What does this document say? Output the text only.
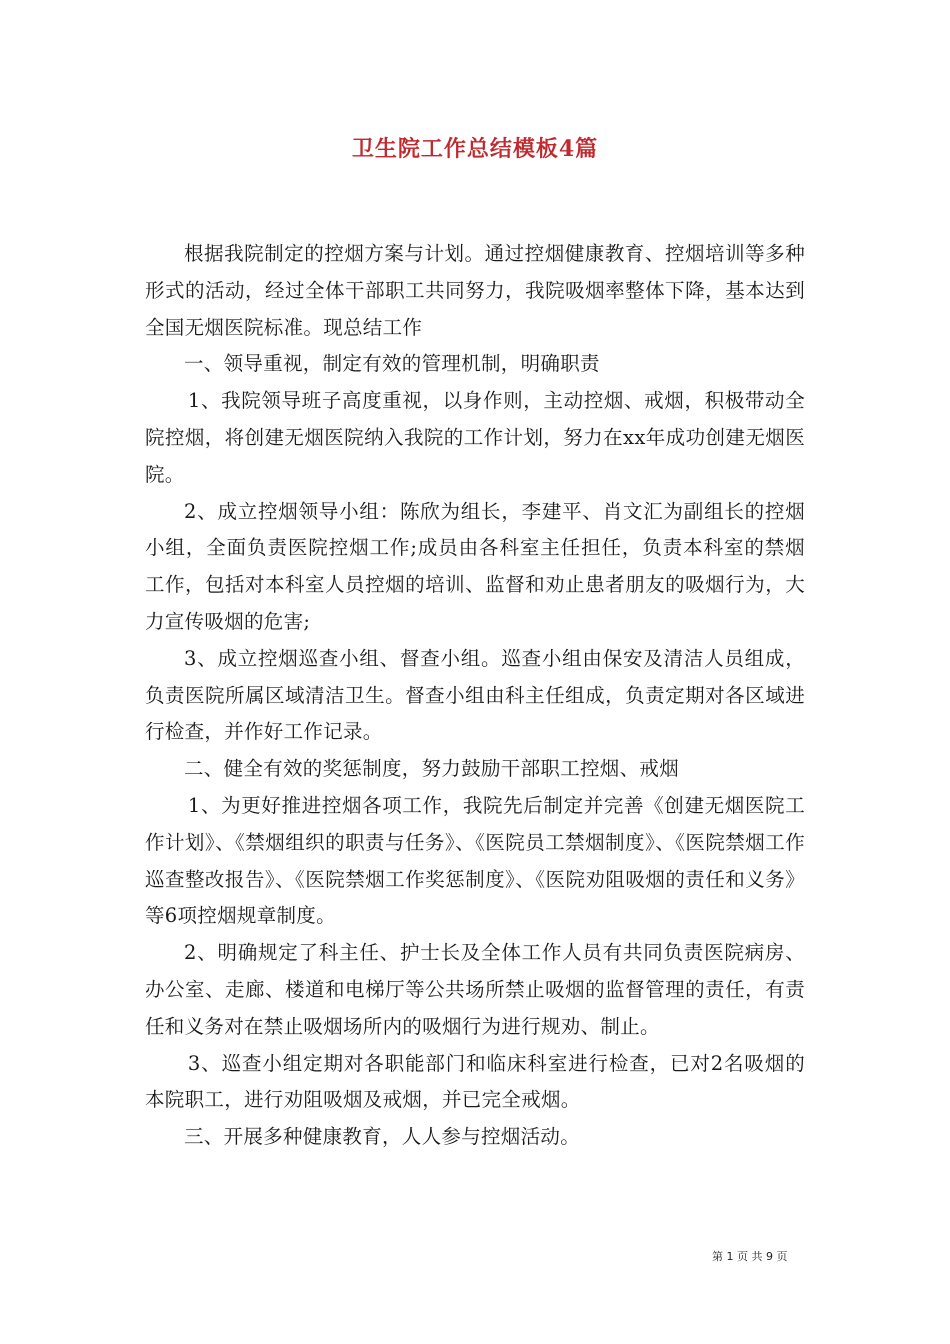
卫生院工作总结模板4篇

根据我院制定的控烟方案与计划。通过控烟健康教育、控烟培训等多种形式的活动，经过全体干部职工共同努力，我院吸烟率整体下降，基本达到全国无烟医院标准。现总结工作

一、领导重视，制定有效的管理机制，明确职责

1、我院领导班子高度重视，以身作则，主动控烟、戒烟，积极带动全院控烟，将创建无烟医院纳入我院的工作计划，努力在xx年成功创建无烟医院。

2、成立控烟领导小组：陈欣为组长，李建平、肖文汇为副组长的控烟小组，全面负责医院控烟工作;成员由各科室主任担任，负责本科室的禁烟工作，包括对本科室人员控烟的培训、监督和劝止患者朋友的吸烟行为，大力宣传吸烟的危害;

3、成立控烟巡查小组、督查小组。巡查小组由保安及清洁人员组成，负责医院所属区域清洁卫生。督查小组由科主任组成，负责定期对各区域进行检查，并作好工作记录。

二、健全有效的奖惩制度，努力鼓励干部职工控烟、戒烟

1、为更好推进控烟各项工作，我院先后制定并完善《创建无烟医院工作计划》、《禁烟组织的职责与任务》、《医院员工禁烟制度》、《医院禁烟工作巡查整改报告》、《医院禁烟工作奖惩制度》、《医院劝阻吸烟的责任和义务》等6项控烟规章制度。

2、明确规定了科主任、护士长及全体工作人员有共同负责医院病房、办公室、走廊、楼道和电梯厅等公共场所禁止吸烟的监督管理的责任，有责任和义务对在禁止吸烟场所内的吸烟行为进行规劝、制止。

3、巡查小组定期对各职能部门和临床科室进行检查，已对2名吸烟的本院职工，进行劝阻吸烟及戒烟，并已完全戒烟。

三、开展多种健康教育，人人参与控烟活动。

第 1 页 共 9 页
